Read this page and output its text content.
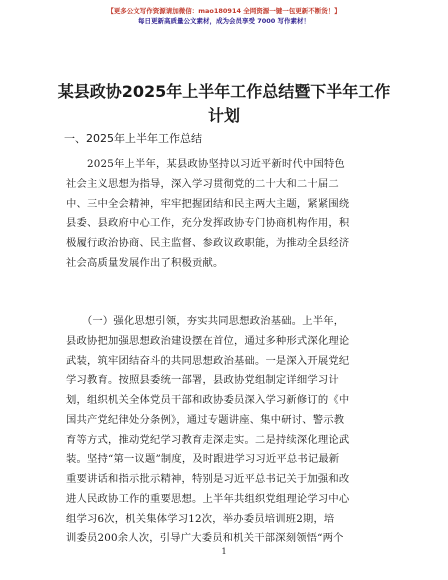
【更多公文写作资源请加微信：mao180914 全网资源一键一包更新不断货！】
每日更新高质量公文素材，成为会员享受 7000 写作素材！
某县政协2025年上半年工作总结暨下半年工作计划
一、2025年上半年工作总结
　　2025年上半年，某县政协坚持以习近平新时代中国特色
社会主义思想为指导，深入学习贯彻党的二十大和二十届二
中、三中全会精神，牢牢把握团结和民主两大主题，紧紧围绕
县委、县政府中心工作，充分发挥政协专门协商机构作用，积
极履行政治协商、民主监督、参政议政职能，为推动全县经济
社会高质量发展作出了积极贡献。
　　（一）强化思想引领，夯实共同思想政治基础。上半年，
县政协把加强思想政治建设摆在首位，通过多种形式深化理论
武装，筑牢团结奋斗的共同思想政治基础。一是深入开展党纪
学习教育。按照县委统一部署，县政协党组制定详细学习计
划，组织机关全体党员干部和政协委员深入学习新修订的《中
国共产党纪律处分条例》，通过专题讲座、集中研讨、警示教
育等方式，推动党纪学习教育走深走实。二是持续深化理论武
装。坚持“第一议题”制度，及时跟进学习习近平总书记最新
重要讲话和指示批示精神，特别是习近平总书记关于加强和改
进人民政协工作的重要思想。上半年共组织党组理论学习中心
组学习6次，机关集体学习12次，举办委员培训班2期，培
训委员200余人次，引导广大委员和机关干部深刻领悟“两个
1
